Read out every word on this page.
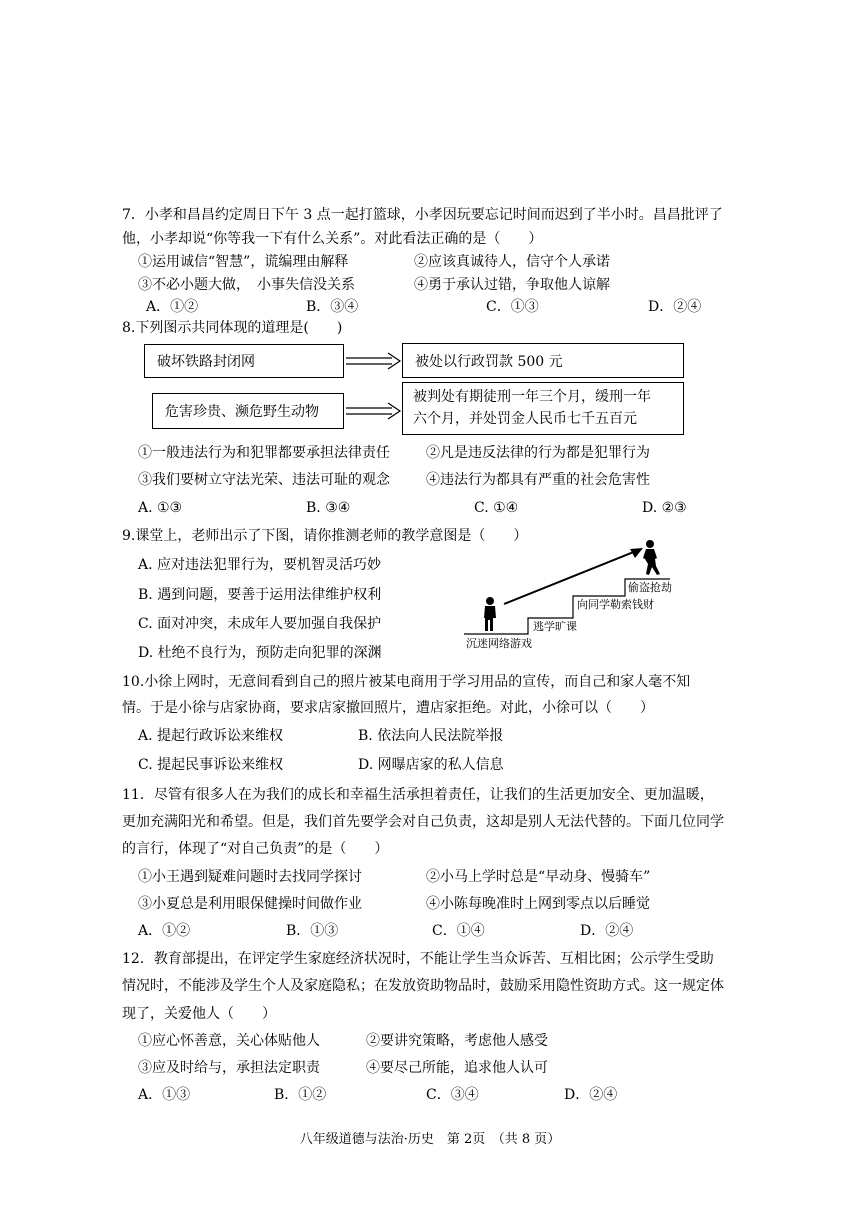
7．小孝和昌昌约定周日下午 3 点一起打篮球，小孝因玩要忘记时间而迟到了半小时。昌昌批评了
他，小孝却说“你等我一下有什么关系”。对此看法正确的是（　　）
①运用诚信“智慧”，谎编理由解释	②应该真诚待人，信守个人承诺
③不必小题大做，　小事失信没关系	④勇于承认过错，争取他人谅解
A．①②	B．③④	C．①③	D．②④
8.下列图示共同体现的道理是(　　)
破坏铁路封闭网	被处以行政罚款 500 元
危害珍贵、濒危野生动物
被判处有期徒刑一年三个月，缓刑一年
六个月，并处罚金人民币七千五百元
①一般违法行为和犯罪都要承担法律责任	②凡是违反法律的行为都是犯罪行为
③我们要树立守法光荣、违法可耻的观念	④违法行为都具有严重的社会危害性
A. ①③	B. ③④	C. ①④	D. ②③
9.课堂上，老师出示了下图，请你推测老师的教学意图是（　　）
A. 应对违法犯罪行为，要机智灵活巧妙
B. 遇到问题，要善于运用法律维护权利
C. 面对冲突，未成年人要加强自我保护
D. 杜绝不良行为，预防走向犯罪的深渊
沉迷网络游戏
逃学旷课
向同学勒索钱财
偷盗抢劫
10.小徐上网时，无意间看到自己的照片被某电商用于学习用品的宣传，而自己和家人毫不知
情。于是小徐与店家协商，要求店家撤回照片，遭店家拒绝。对此，小徐可以（　　）
A. 提起行政诉讼来维权	B. 依法向人民法院举报
C. 提起民事诉讼来维权	D. 网曝店家的私人信息
11．尽管有很多人在为我们的成长和幸福生活承担着责任，让我们的生活更加安全、更加温暖，
更加充满阳光和希望。但是，我们首先要学会对自己负责，这却是别人无法代替的。下面几位同学
的言行，体现了“对自己负责”的是（　　）
①小王遇到疑难问题时去找同学探讨	②小马上学时总是“早动身、慢骑车”
③小夏总是利用眼保健操时间做作业	④小陈每晚准时上网到零点以后睡觉
A．①②	B．①③	C．①④	D．②④
12．教育部提出，在评定学生家庭经济状况时，不能让学生当众诉苦、互相比困；公示学生受助
情况时，不能涉及学生个人及家庭隐私；在发放资助物品时，鼓励采用隐性资助方式。这一规定体
现了，关爱他人（　　）
①应心怀善意，关心体贴他人	②要讲究策略，考虑他人感受
③应及时给与，承担法定职责	④要尽己所能，追求他人认可
A．①③	B．①②	C．③④	D．②④
八年级道德与法治·历史　第 2页　（共 8 页）
